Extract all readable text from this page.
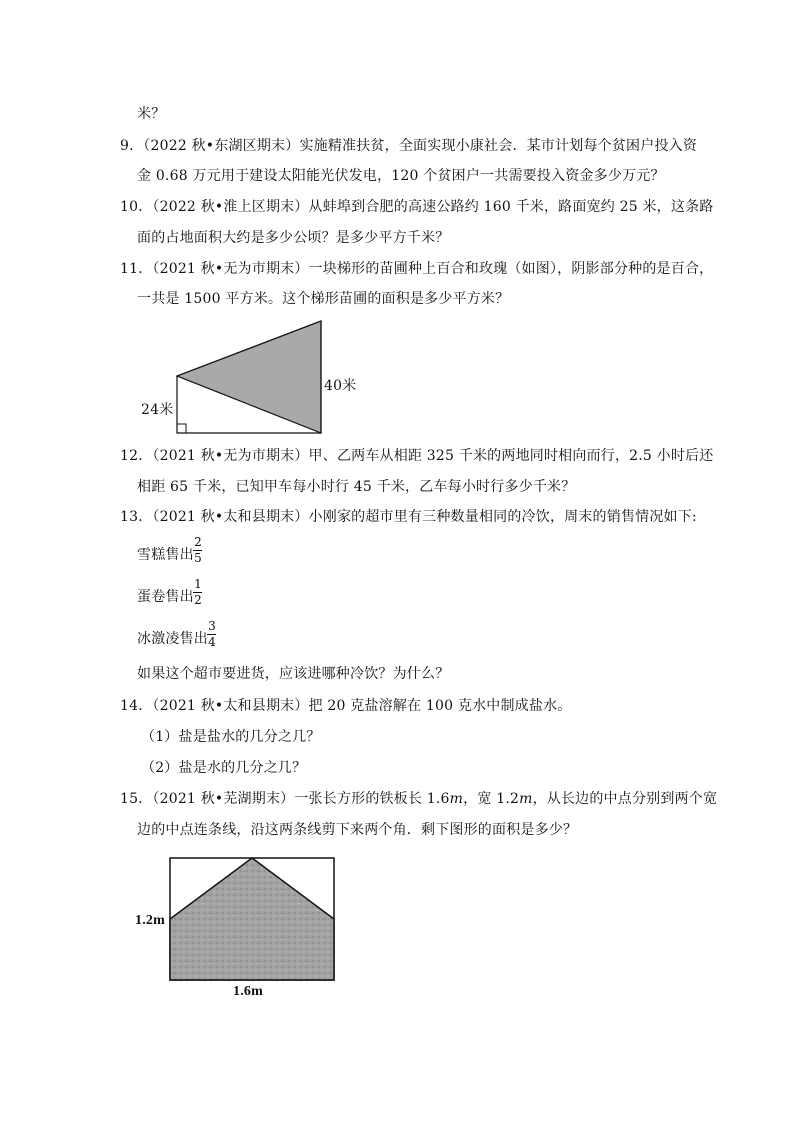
米？
9．（2022 秋•东湖区期末）实施精准扶贫，全面实现小康社会．某市计划每个贫困户投入资
金 0.68 万元用于建设太阳能光伏发电，120 个贫困户一共需要投入资金多少万元？
10．（2022 秋•淮上区期末）从蚌埠到合肥的高速公路约 160 千米，路面宽约 25 米，这条路
面的占地面积大约是多少公顷？是多少平方千米？
11．（2021 秋•无为市期末）一块梯形的苗圃种上百合和玫瑰（如图），阴影部分种的是百合，
一共是 1500 平方米。这个梯形苗圃的面积是多少平方米？
24米
40米
12．（2021 秋•无为市期末）甲、乙两车从相距 325 千米的两地同时相向而行，2.5 小时后还
相距 65 千米，已知甲车每小时行 45 千米，乙车每小时行多少千米？
13．（2021 秋•太和县期末）小刚家的超市里有三种数量相同的冷饮，周末的销售情况如下:
雪糕售出
2
5
蛋卷售出
1
2
冰激凌售出
3
4
如果这个超市要进货，应该进哪种冷饮？为什么？
14．（2021 秋•太和县期末）把 20 克盐溶解在 100 克水中制成盐水。
（1）盐是盐水的几分之几？
（2）盐是水的几分之几？
15．（2021 秋•芜湖期末）一张长方形的铁板长 1.6m，宽 1.2m，从长边的中点分别到两个宽
边的中点连条线，沿这两条线剪下来两个角．剩下图形的面积是多少？
1.2m
1.6m
